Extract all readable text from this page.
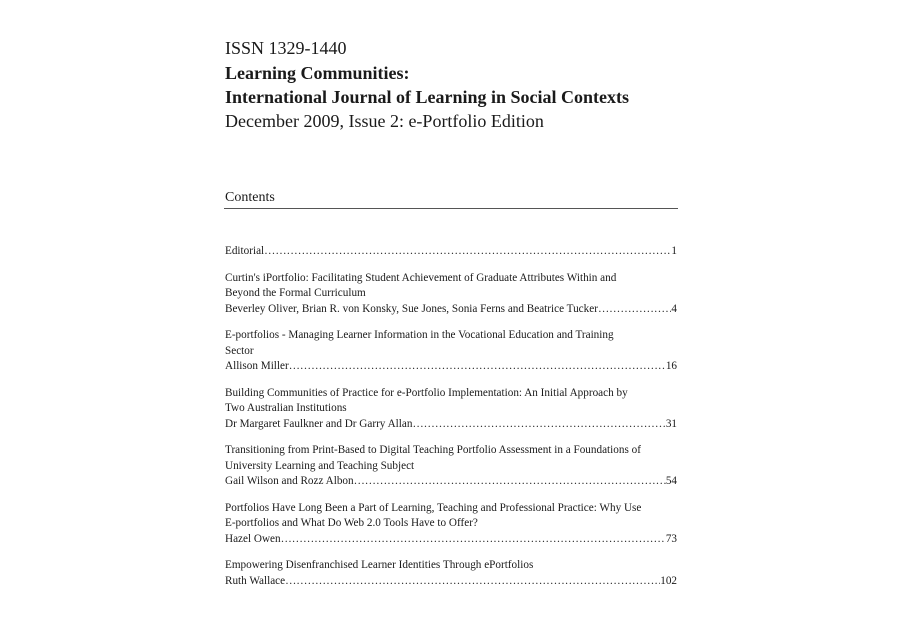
ISSN 1329-1440
Learning Communities:
International Journal of Learning in Social Contexts
December 2009, Issue 2: e-Portfolio Edition
Contents
Editorial ……………………………………………………………………………………………………………………………………………………………………………………………………………………	1
Curtin's iPortfolio: Facilitating Student Achievement of Graduate Attributes Within and
Beyond the Formal Curriculum
Beverley Oliver, Brian R. von Konsky, Sue Jones, Sonia Ferns and Beatrice Tucker ……………………………………………………………………………………………………………………………………………………………………………………………………………………	4
E-portfolios - Managing Learner Information in the Vocational Education and Training
Sector
Allison Miller ……………………………………………………………………………………………………………………………………………………………………………………………………………………	16
Building Communities of Practice for e-Portfolio Implementation: An Initial Approach by
Two Australian Institutions
Dr Margaret Faulkner and Dr Garry Allan ……………………………………………………………………………………………………………………………………………………………………………………………………………………	31
Transitioning from Print-Based to Digital Teaching Portfolio Assessment in a Foundations of
University Learning and Teaching Subject
Gail Wilson and Rozz Albon ……………………………………………………………………………………………………………………………………………………………………………………………………………………	54
Portfolios Have Long Been a Part of Learning, Teaching and Professional Practice: Why Use
E-portfolios and What Do Web 2.0 Tools Have to Offer?
Hazel Owen ……………………………………………………………………………………………………………………………………………………………………………………………………………………	73
Empowering Disenfranchised Learner Identities Through ePortfolios
Ruth Wallace ……………………………………………………………………………………………………………………………………………………………………………………………………………………	102
